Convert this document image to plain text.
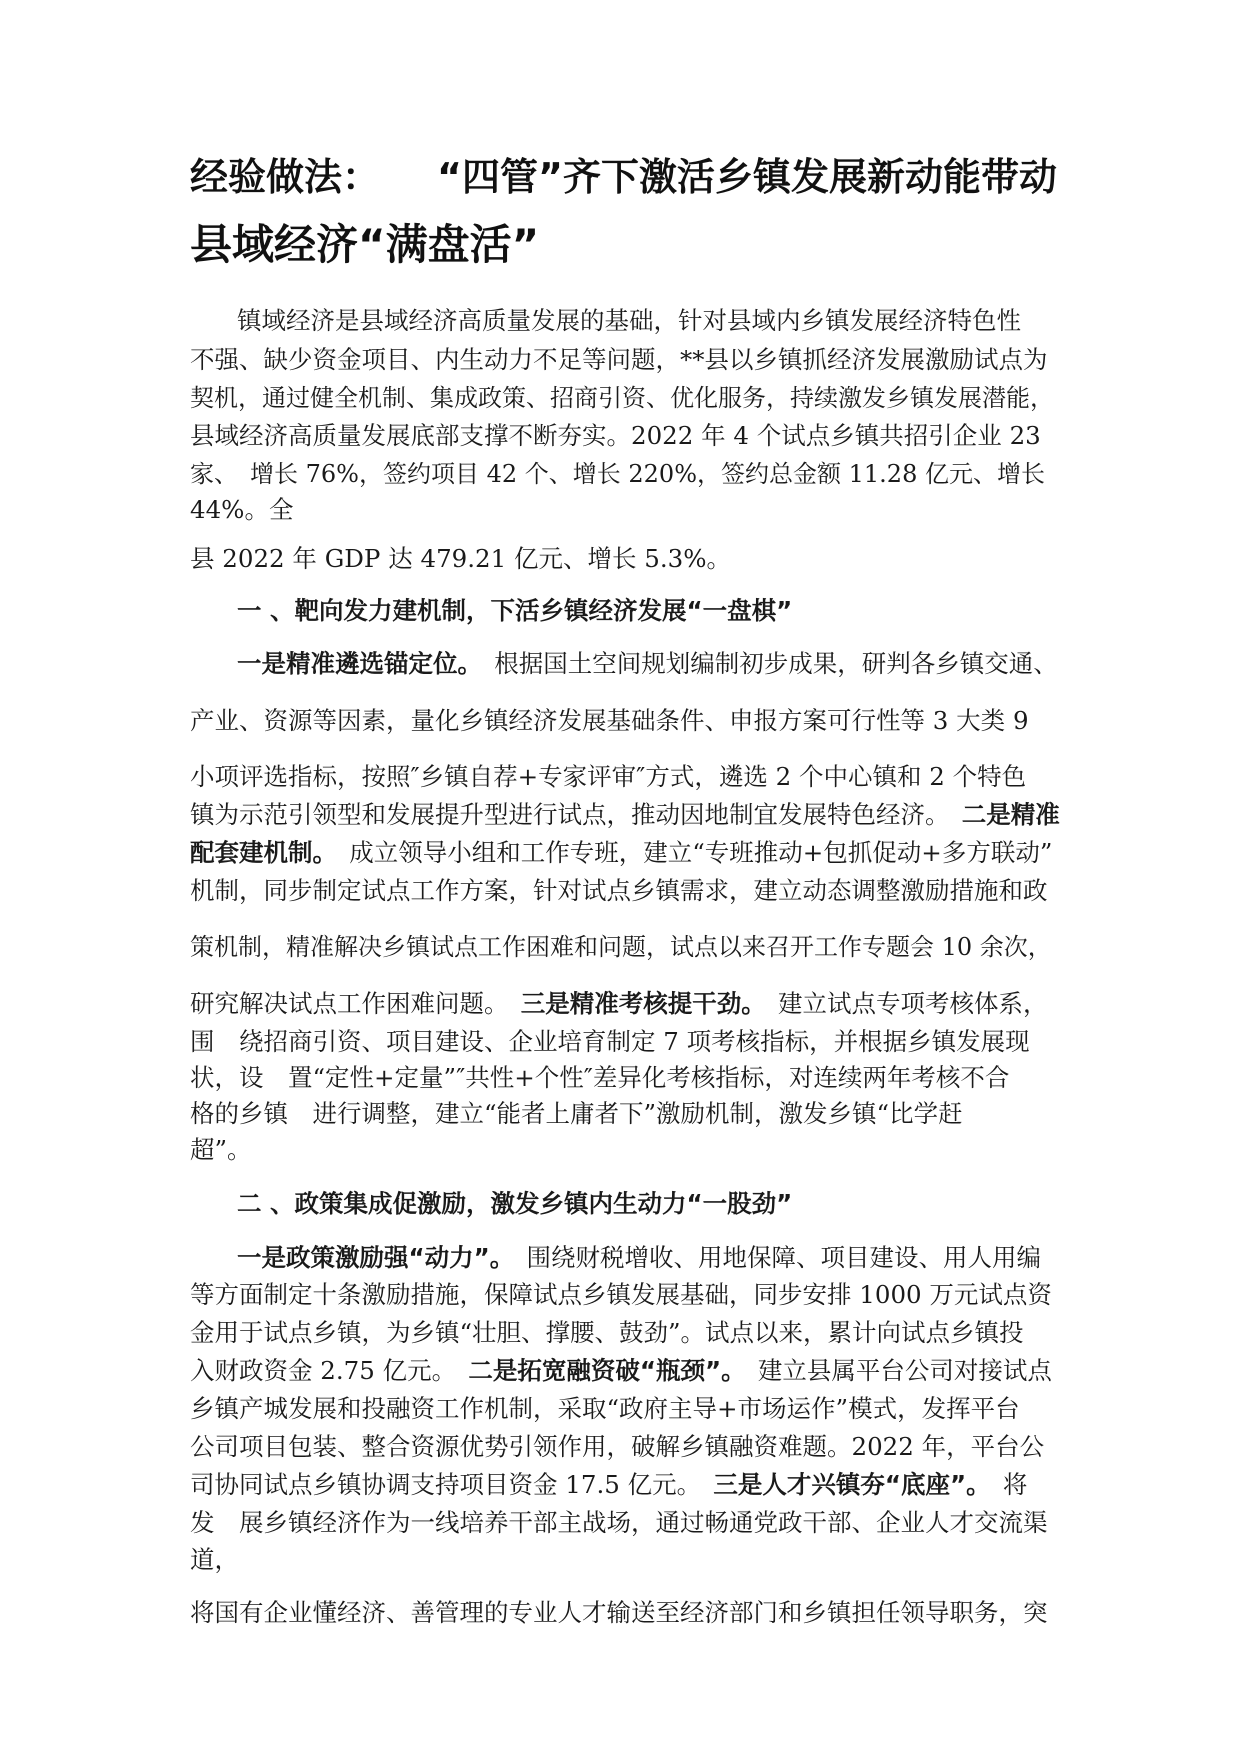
经验做法：　　“四管”齐下激活乡镇发展新动能带动
县域经济“满盘活”

镇域经济是县域经济高质量发展的基础，针对县域内乡镇发展经济特色性

不强、缺少资金项目、内生动力不足等问题，**县以乡镇抓经济发展激励试点为

契机，通过健全机制、集成政策、招商引资、优化服务，持续激发乡镇发展潜能，

县域经济高质量发展底部支撑不断夯实。2022 年 4 个试点乡镇共招引企业 23

家、　增长 76%，签约项目 42 个、增长 220%，签约总金额 11.28 亿元、增长

44%。全

县 2022 年 GDP 达 479.21 亿元、增长 5.3%。

一 、靶向发力建机制，下活乡镇经济发展“一盘棋”

一是精准遴选锚定位。　 根据国土空间规划编制初步成果，研判各乡镇交通、

产业、资源等因素，量化乡镇经济发展基础条件、申报方案可行性等 3 大类 9

小项评选指标，按照″乡镇自荐+专家评审″方式，遴选 2 个中心镇和 2 个特色

镇为示范引领型和发展提升型进行试点，推动因地制宜发展特色经济。　 二是精准

配套建机制。　 成立领导小组和工作专班，建立“专班推动+包抓促动+多方联动”

机制，同步制定试点工作方案，针对试点乡镇需求，建立动态调整激励措施和政

策机制，精准解决乡镇试点工作困难和问题，试点以来召开工作专题会 10 余次，

研究解决试点工作困难问题。　 三是精准考核提干劲。　 建立试点专项考核体系，

围　绕招商引资、项目建设、企业培育制定 7 项考核指标，并根据乡镇发展现

状，设　置“定性+定量”″共性+个性″差异化考核指标，对连续两年考核不合

格的乡镇　进行调整，建立“能者上庸者下”激励机制，激发乡镇“比学赶

超”。

二 、政策集成促激励，激发乡镇内生动力“一股劲”

一是政策激励强“动力”。　 围绕财税增收、用地保障、项目建设、用人用编

等方面制定十条激励措施，保障试点乡镇发展基础，同步安排 1000 万元试点资

金用于试点乡镇，为乡镇“壮胆、撑腰、鼓劲”。试点以来，累计向试点乡镇投

入财政资金 2.75 亿元。　 二是拓宽融资破“瓶颈”。　 建立县属平台公司对接试点

乡镇产城发展和投融资工作机制，采取“政府主导+市场运作”模式，发挥平台

公司项目包装、整合资源优势引领作用，破解乡镇融资难题。2022 年，平台公

司协同试点乡镇协调支持项目资金 17.5 亿元。　 三是人才兴镇夯“底座”。　 将

发　展乡镇经济作为一线培养干部主战场，通过畅通党政干部、企业人才交流渠

道，

将国有企业懂经济、善管理的专业人才输送至经济部门和乡镇担任领导职务，突
